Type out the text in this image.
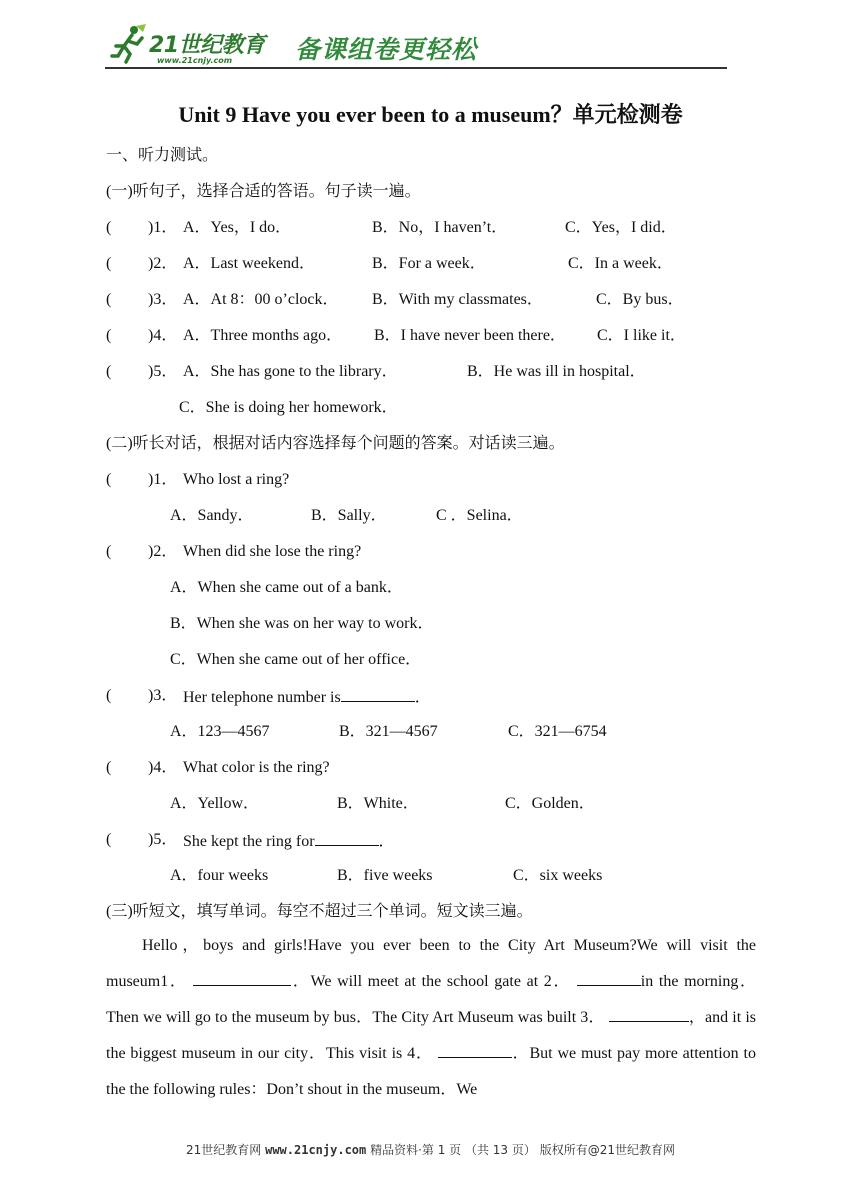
21世纪教育
www.21cnjy.com	备课组卷更轻松
Unit 9 Have you ever been to a museum？单元检测卷
一、听力测试。
(一)听句子，选择合适的答语。句子读一遍。
( )1． A．Yes，I do．	B．No，I haven’t．	C．Yes，I did．
( )2． A．Last weekend．	B．For a week．	C．In a week．
( )3． A．At 8：00 o’clock． B．With my classmates．	C．By bus．
( )4． A．Three months ago． B．I have never been there． C．I like it．
( )5． A．She has gone to the library．	B．He was ill in hospital．
C．She is doing her homework．
(二)听长对话，根据对话内容选择每个问题的答案。对话读三遍。
( )1． Who lost a ring?
A．Sandy．	B．Sally．	C ．Selina．
( )2． When did she lose the ring?
A．When she came out of a bank．
B．When she was on her way to work．
C．When she came out of her office．
( )3． Her telephone number is	．
A．123—4567	B．321—4567	C．321—6754
( )4． What color is the ring?
A．Yellow．	B．White．	C．Golden．
( )5． She kept the ring for	．
A．four weeks	B．five weeks	C．six weeks
(三)听短文，填写单词。每空不超过三个单词。短文读三遍。

Hello，boys and girls!Have you ever been to the City Art Museum?We will visit the museum1．	．We will meet at the school gate at 2．	in the morning．Then we will go to the museum by bus．The City Art Museum was built 3．	，and it is the biggest museum in our city．This visit is 4．	．But we must pay more attention to the the following rules：Don’t shout in the museum．We

21世纪教育网 www.21cnjy.com 精品资料·第 1 页 （共 13 页） 版权所有@21世纪教育网
